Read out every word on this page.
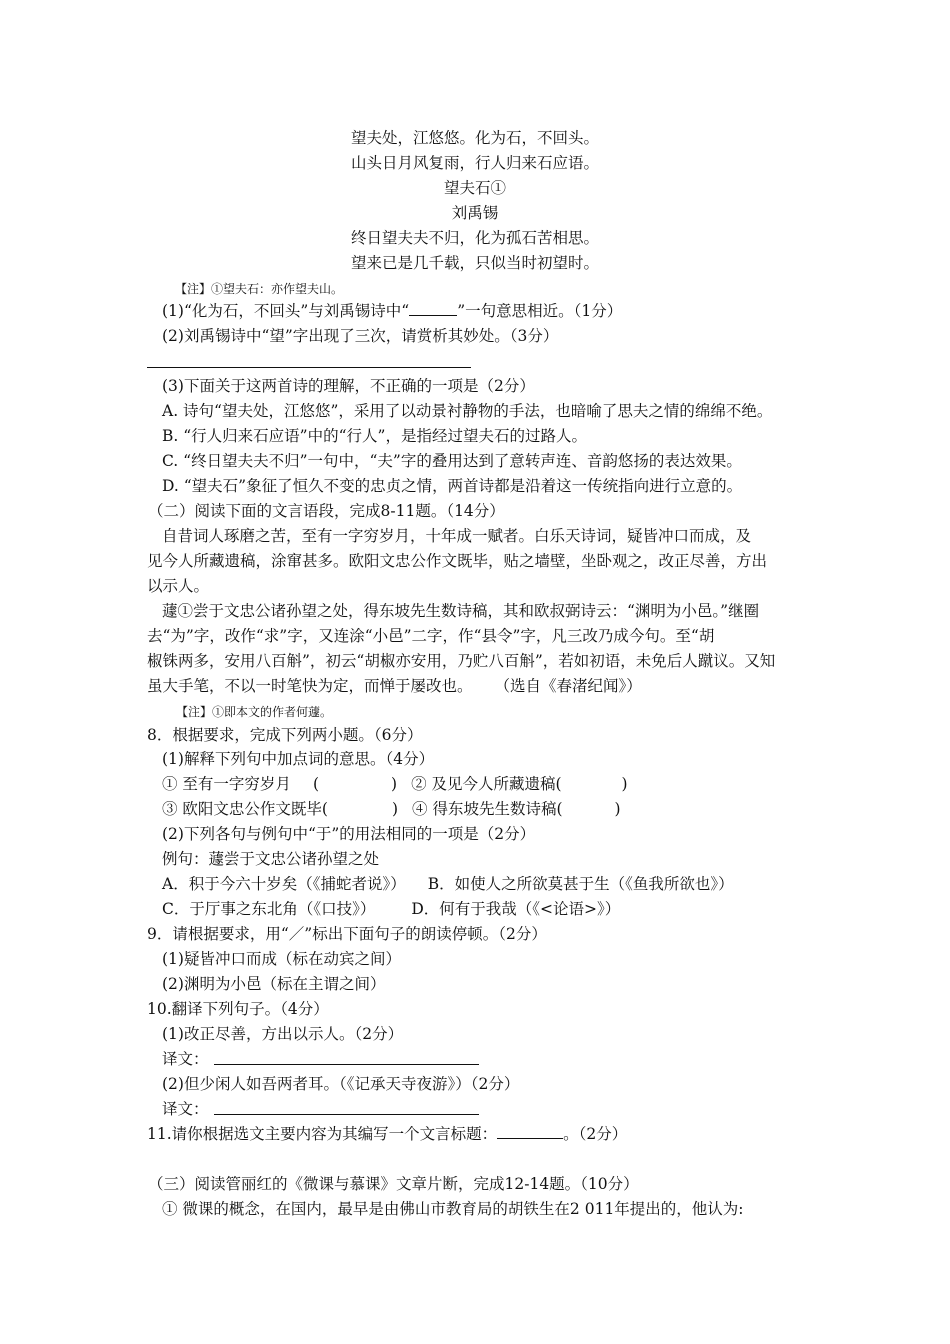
望夫处，江悠悠。化为石，不回头。
山头日月风复雨，行人归来石应语。
望夫石①
刘禹锡
终日望夫夫不归，化为孤石苦相思。
望来已是几千载，只似当时初望时。
【注】①望夫石：亦作望夫山。
(1)“化为石，不回头”与刘禹锡诗中“	”一句意思相近。（1分）
(2)刘禹锡诗中“望”字出现了三次，请赏析其妙处。（3分）
(3)下面关于这两首诗的理解，不正确的一项是（2分）
A. 诗句“望夫处，江悠悠”，采用了以动景衬静物的手法，也暗喻了思夫之情的绵绵不绝。
B. “行人归来石应语”中的“行人”，是指经过望夫石的过路人。
C. “终日望夫夫不归”一句中，“夫”字的叠用达到了意转声连、音韵悠扬的表达效果。
D. “望夫石”象征了恒久不变的忠贞之情，两首诗都是沿着这一传统指向进行立意的。
（二）阅读下面的文言语段，完成8-11题。（14分）
自昔词人琢磨之苦，至有一字穷岁月，十年成一赋者。白乐天诗词，疑皆冲口而成，及
见今人所藏遗稿，涂窜甚多。欧阳文忠公作文既毕，贴之墙壁，坐卧观之，改正尽善，方出
以示人。
蘧①尝于文忠公诸孙望之处，得东坡先生数诗稿，其和欧叔弼诗云：“渊明为小邑。”继圈
去“为”字，改作“求”字，又连涂“小邑”二字，作“县令”字，凡三改乃成今句。至“胡
椒铢两多，安用八百斛”，初云“胡椒亦安用，乃贮八百斛”，若如初语，未免后人蹴议。又知
虽大手笔，不以一时笔快为定，而惮于屡改也。 （选自《春渚纪闻》）
【注】①即本文的作者何蘧。
8．根据要求，完成下列两小题。（6分）
(1)解释下列句中加点词的意思。（4分）
① 至有一字穷岁月 (	) ② 及见今人所藏遗稿(	)
③ 欧阳文忠公作文既毕(	) ④ 得东坡先生数诗稿(	)
(2)下列各句与例句中“于”的用法相同的一项是（2分）
例句：蘧尝于文忠公诸孙望之处
A．积于今六十岁矣（《捕蛇者说》） B．如使人之所欲莫甚于生（《鱼我所欲也》）
C．于厅事之东北角（《口技》） D．何有于我哉（《<论语>》）
9．请根据要求，用“／”标出下面句子的朗读停顿。（2分）
(1)疑皆冲口而成（标在动宾之间）
(2)渊明为小邑（标在主谓之间）
10.翻译下列句子。（4分）
(1)改正尽善，方出以示人。（2分）
译文：
(2)但少闲人如吾两者耳。（《记承天寺夜游》）（2分）
译文：
11.请你根据选文主要内容为其编写一个文言标题：	。（2分）
（三）阅读管丽红的《微课与慕课》文章片断，完成12-14题。（10分）
① 微课的概念，在国内，最早是由佛山市教育局的胡铁生在2 011年提出的，他认为:
